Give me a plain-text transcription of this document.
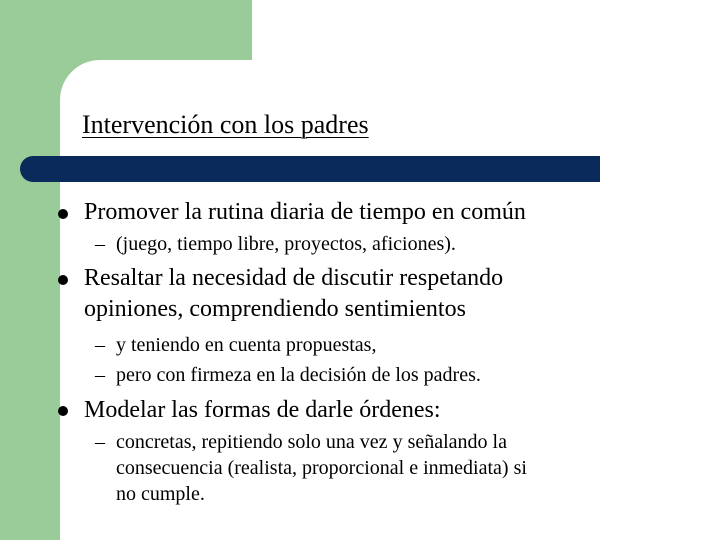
Intervención con los padres
Promover la rutina diaria de tiempo en común
– (juego, tiempo libre, proyectos, aficiones).
Resaltar la necesidad de discutir respetando
opiniones, comprendiendo sentimientos
– y teniendo en cuenta propuestas,
– pero con firmeza en la decisión de los padres.
Modelar las formas de darle órdenes:
– concretas, repitiendo solo una vez y señalando la
consecuencia (realista, proporcional e inmediata) si
no cumple.
